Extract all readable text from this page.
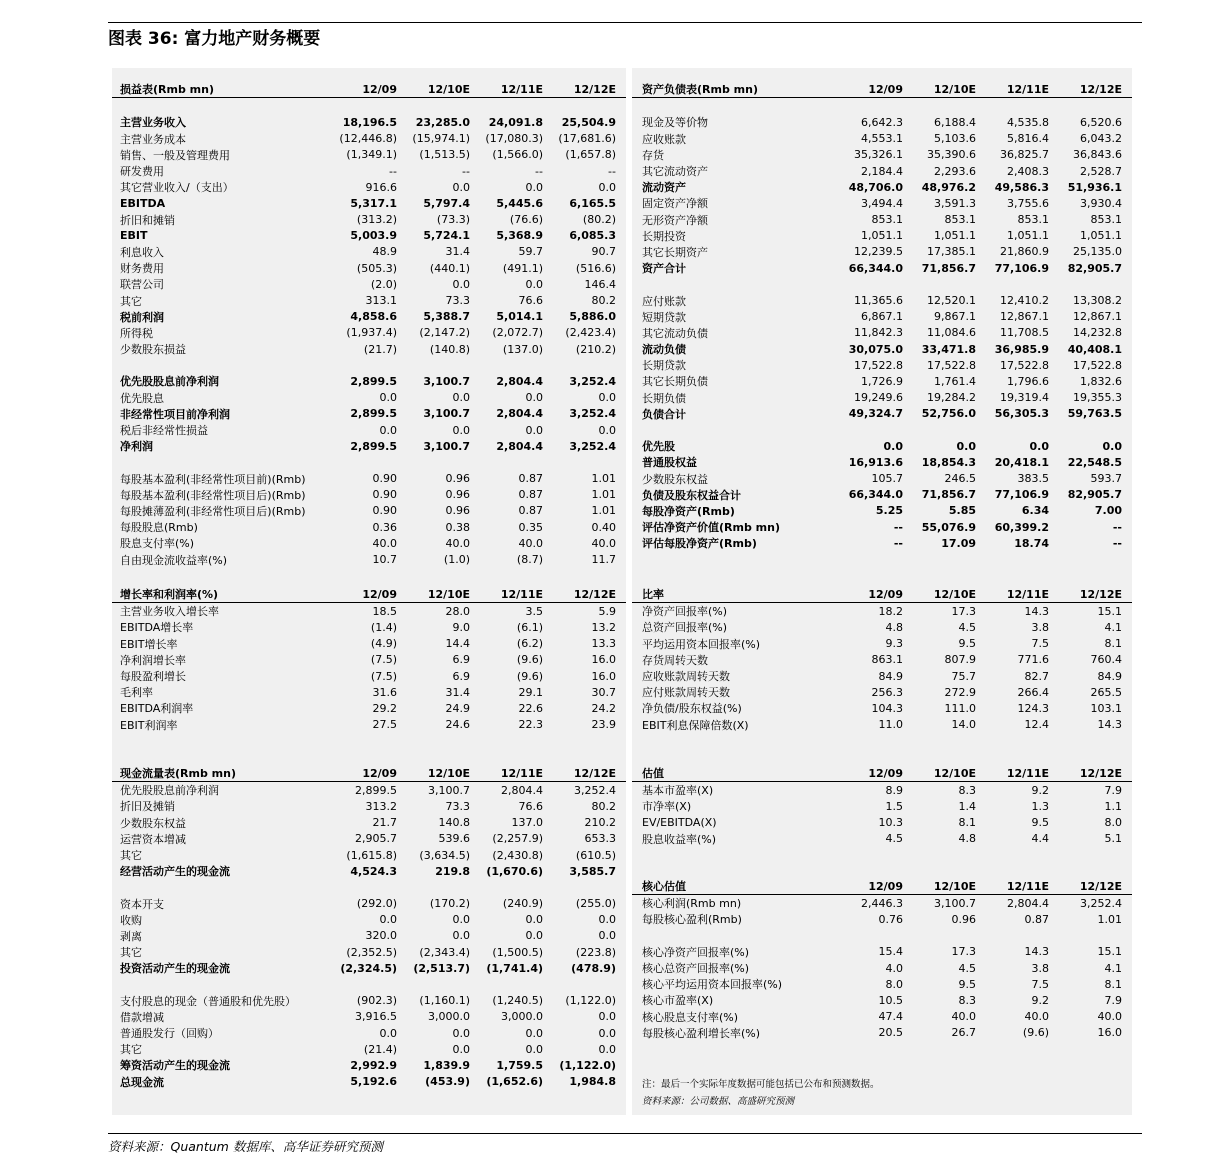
图表 36: 富力地产财务概要
损益表(Rmb mn)	12/09	12/10E	12/11E	12/12E
主营业务收入	18,196.5	23,285.0	24,091.8	25,504.9
主营业务成本	(12,446.8)	(15,974.1)	(17,080.3)	(17,681.6)
销售、一般及管理费用	(1,349.1)	(1,513.5)	(1,566.0)	(1,657.8)
研发费用	--	--	--	--
其它营业收入/（支出）	916.6	0.0	0.0	0.0
EBITDA	5,317.1	5,797.4	5,445.6	6,165.5
折旧和摊销	(313.2)	(73.3)	(76.6)	(80.2)
EBIT	5,003.9	5,724.1	5,368.9	6,085.3
利息收入	48.9	31.4	59.7	90.7
财务费用	(505.3)	(440.1)	(491.1)	(516.6)
联营公司	(2.0)	0.0	0.0	146.4
其它	313.1	73.3	76.6	80.2
税前利润	4,858.6	5,388.7	5,014.1	5,886.0
所得税	(1,937.4)	(2,147.2)	(2,072.7)	(2,423.4)
少数股东损益	(21.7)	(140.8)	(137.0)	(210.2)
优先股股息前净利润	2,899.5	3,100.7	2,804.4	3,252.4
优先股息	0.0	0.0	0.0	0.0
非经常性项目前净利润	2,899.5	3,100.7	2,804.4	3,252.4
税后非经常性损益	0.0	0.0	0.0	0.0
净利润	2,899.5	3,100.7	2,804.4	3,252.4
每股基本盈利(非经常性项目前)(Rmb)	0.90	0.96	0.87	1.01
每股基本盈利(非经常性项目后)(Rmb)	0.90	0.96	0.87	1.01
每股摊薄盈利(非经常性项目后)(Rmb)	0.90	0.96	0.87	1.01
每股股息(Rmb)	0.36	0.38	0.35	0.40
股息支付率(%)	40.0	40.0	40.0	40.0
自由现金流收益率(%)	10.7	(1.0)	(8.7)	11.7
增长率和利润率(%)	12/09	12/10E	12/11E	12/12E
主营业务收入增长率	18.5	28.0	3.5	5.9
EBITDA增长率	(1.4)	9.0	(6.1)	13.2
EBIT增长率	(4.9)	14.4	(6.2)	13.3
净利润增长率	(7.5)	6.9	(9.6)	16.0
每股盈利增长	(7.5)	6.9	(9.6)	16.0
毛利率	31.6	31.4	29.1	30.7
EBITDA利润率	29.2	24.9	22.6	24.2
EBIT利润率	27.5	24.6	22.3	23.9
现金流量表(Rmb mn)	12/09	12/10E	12/11E	12/12E
优先股股息前净利润	2,899.5	3,100.7	2,804.4	3,252.4
折旧及摊销	313.2	73.3	76.6	80.2
少数股东权益	21.7	140.8	137.0	210.2
运营资本增减	2,905.7	539.6	(2,257.9)	653.3
其它	(1,615.8)	(3,634.5)	(2,430.8)	(610.5)
经营活动产生的现金流	4,524.3	219.8	(1,670.6)	3,585.7
资本开支	(292.0)	(170.2)	(240.9)	(255.0)
收购	0.0	0.0	0.0	0.0
剥离	320.0	0.0	0.0	0.0
其它	(2,352.5)	(2,343.4)	(1,500.5)	(223.8)
投资活动产生的现金流	(2,324.5)	(2,513.7)	(1,741.4)	(478.9)
支付股息的现金（普通股和优先股）	(902.3)	(1,160.1)	(1,240.5)	(1,122.0)
借款增减	3,916.5	3,000.0	3,000.0	0.0
普通股发行（回购）	0.0	0.0	0.0	0.0
其它	(21.4)	0.0	0.0	0.0
筹资活动产生的现金流	2,992.9	1,839.9	1,759.5	(1,122.0)
总现金流	5,192.6	(453.9)	(1,652.6)	1,984.8
资产负债表(Rmb mn)	12/09	12/10E	12/11E	12/12E
现金及等价物	6,642.3	6,188.4	4,535.8	6,520.6
应收账款	4,553.1	5,103.6	5,816.4	6,043.2
存货	35,326.1	35,390.6	36,825.7	36,843.6
其它流动资产	2,184.4	2,293.6	2,408.3	2,528.7
流动资产	48,706.0	48,976.2	49,586.3	51,936.1
固定资产净额	3,494.4	3,591.3	3,755.6	3,930.4
无形资产净额	853.1	853.1	853.1	853.1
长期投资	1,051.1	1,051.1	1,051.1	1,051.1
其它长期资产	12,239.5	17,385.1	21,860.9	25,135.0
资产合计	66,344.0	71,856.7	77,106.9	82,905.7
应付账款	11,365.6	12,520.1	12,410.2	13,308.2
短期贷款	6,867.1	9,867.1	12,867.1	12,867.1
其它流动负债	11,842.3	11,084.6	11,708.5	14,232.8
流动负债	30,075.0	33,471.8	36,985.9	40,408.1
长期贷款	17,522.8	17,522.8	17,522.8	17,522.8
其它长期负债	1,726.9	1,761.4	1,796.6	1,832.6
长期负债	19,249.6	19,284.2	19,319.4	19,355.3
负债合计	49,324.7	52,756.0	56,305.3	59,763.5
优先股	0.0	0.0	0.0	0.0
普通股权益	16,913.6	18,854.3	20,418.1	22,548.5
少数股东权益	105.7	246.5	383.5	593.7
负债及股东权益合计	66,344.0	71,856.7	77,106.9	82,905.7
每股净资产(Rmb)	5.25	5.85	6.34	7.00
评估净资产价值(Rmb mn)	--	55,076.9	60,399.2	--
评估每股净资产(Rmb)	--	17.09	18.74	--
比率	12/09	12/10E	12/11E	12/12E
净资产回报率(%)	18.2	17.3	14.3	15.1
总资产回报率(%)	4.8	4.5	3.8	4.1
平均运用资本回报率(%)	9.3	9.5	7.5	8.1
存货周转天数	863.1	807.9	771.6	760.4
应收账款周转天数	84.9	75.7	82.7	84.9
应付账款周转天数	256.3	272.9	266.4	265.5
净负债/股东权益(%)	104.3	111.0	124.3	103.1
EBIT利息保障倍数(X)	11.0	14.0	12.4	14.3
估值	12/09	12/10E	12/11E	12/12E
基本市盈率(X)	8.9	8.3	9.2	7.9
市净率(X)	1.5	1.4	1.3	1.1
EV/EBITDA(X)	10.3	8.1	9.5	8.0
股息收益率(%)	4.5	4.8	4.4	5.1
核心估值	12/09	12/10E	12/11E	12/12E
核心利润(Rmb mn)	2,446.3	3,100.7	2,804.4	3,252.4
每股核心盈利(Rmb)	0.76	0.96	0.87	1.01
核心净资产回报率(%)	15.4	17.3	14.3	15.1
核心总资产回报率(%)	4.0	4.5	3.8	4.1
核心平均运用资本回报率(%)	8.0	9.5	7.5	8.1
核心市盈率(X)	10.5	8.3	9.2	7.9
核心股息支付率(%)	47.4	40.0	40.0	40.0
每股核心盈利增长率(%)	20.5	26.7	(9.6)	16.0
注：最后一个实际年度数据可能包括已公布和预测数据。
资料来源：公司数据、高盛研究预测
资料来源：Quantum 数据库、高华证券研究预测
